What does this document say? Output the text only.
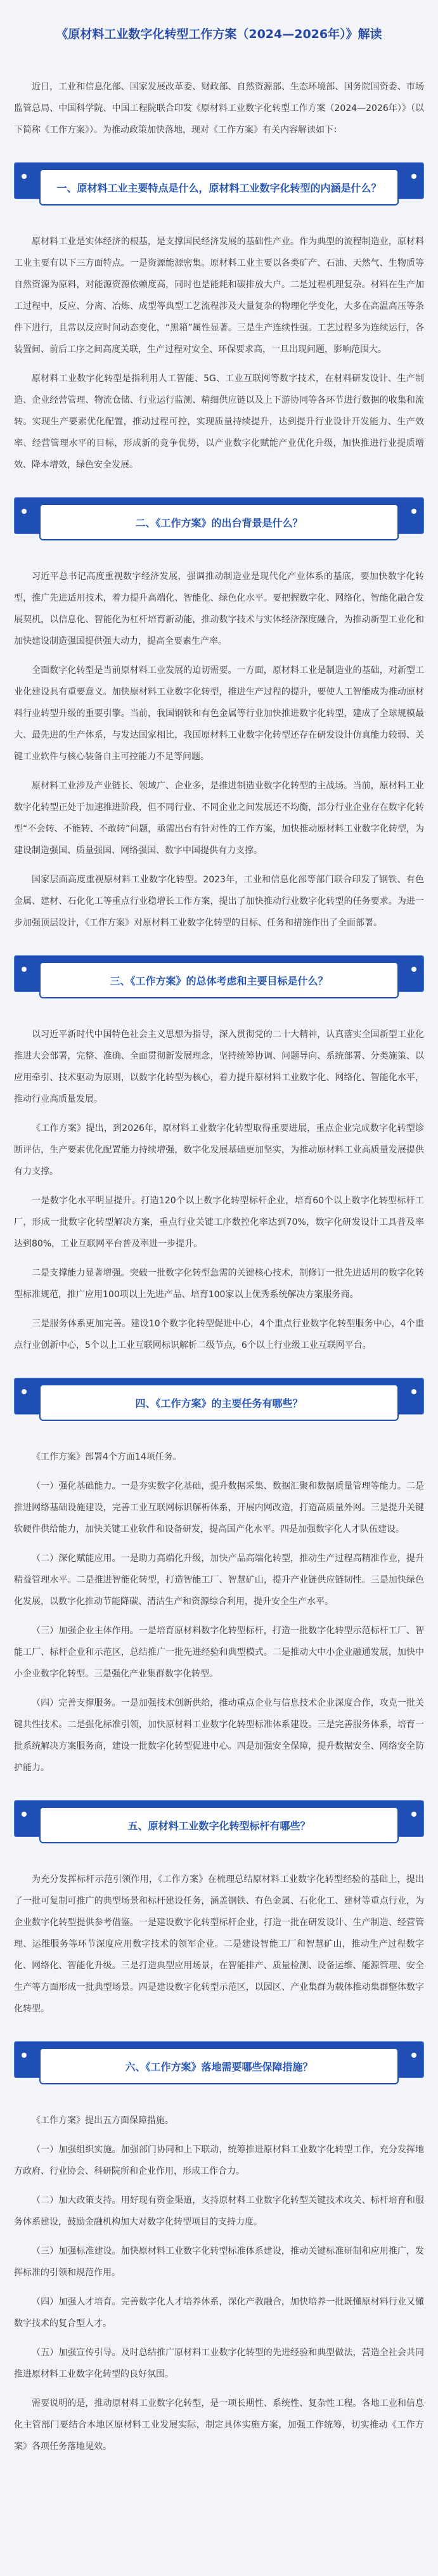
《原材料工业数字化转型工作方案（2024—2026年）》解读

近日，工业和信息化部、国家发展改革委、财政部、自然资源部、生态环境部、国务院国资委、市场监管总局、中国科学院、中国工程院联合印发《原材料工业数字化转型工作方案（2024—2026年）》（以下简称《工作方案》）。为推动政策加快落地，现对《工作方案》有关内容解读如下：

一、原材料工业主要特点是什么，原材料工业数字化转型的内涵是什么？

原材料工业是实体经济的根基，是支撑国民经济发展的基础性产业。作为典型的流程制造业，原材料工业主要有以下三方面特点。一是资源能源密集。原材料工业主要以各类矿产、石油、天然气、生物质等自然资源为原料，对能源资源依赖度高，同时也是能耗和碳排放大户。二是过程机理复杂。材料在生产加工过程中，反应、分离、冶炼、成型等典型工艺流程涉及大量复杂的物理化学变化，大多在高温高压等条件下进行，且常以反应时间动态变化，“黑箱”属性显著。三是生产连续性强。工艺过程多为连续运行，各装置间、前后工序之间高度关联，生产过程对安全、环保要求高，一旦出现问题，影响范围大。

原材料工业数字化转型是指利用人工智能、5G、工业互联网等数字技术，在材料研发设计、生产制造、企业经营管理、物流仓储、行业运行监测、精细供应链以及上下游协同等各环节进行数据的收集和流转。实现生产要素优化配置，推动过程可控，实现质量持续提升，达到提升行业设计开发能力、生产效率、经营管理水平的目标，形成新的竞争优势，以产业数字化赋能产业优化升级，加快推进行业提质增效、降本增效，绿色安全发展。

二、《工作方案》的出台背景是什么？

习近平总书记高度重视数字经济发展，强调推动制造业是现代化产业体系的基底，要加快数字化转型，推广先进适用技术，着力提升高端化、智能化、绿色化水平。要把握数字化、网络化、智能化融合发展契机，以信息化、智能化为杠杆培育新动能，推动数字技术与实体经济深度融合，为推动新型工业化和加快建设制造强国提供强大动力，提高全要素生产率。

全面数字化转型是当前原材料工业发展的迫切需要。一方面，原材料工业是制造业的基础，对新型工业化建设具有重要意义。加快原材料工业数字化转型，推进生产过程的提升，要使人工智能成为推动原材料行业转型升级的重要引擎。当前，我国钢铁和有色金属等行业加快推进数字化转型，建成了全球规模最大、最先进的生产体系，与发达国家相比，我国原材料工业数字化转型还存在研发设计仿真能力较弱、关键工业软件与核心装备自主可控能力不足等问题。

原材料工业涉及产业链长、领域广、企业多，是推进制造业数字化转型的主战场。当前，原材料工业数字化转型正处于加速推进阶段，但不同行业、不同企业之间发展还不均衡，部分行业企业存在数字化转型“不会转、不能转、不敢转”问题，亟需出台有针对性的工作方案，加快推动原材料工业数字化转型，为建设制造强国、质量强国、网络强国、数字中国提供有力支撑。

国家层面高度重视原材料工业数字化转型。2023年，工业和信息化部等部门联合印发了钢铁、有色金属、建材、石化化工等重点行业稳增长工作方案，提出了加快推动行业数字化转型的任务要求。为进一步加强顶层设计，《工作方案》对原材料工业数字化转型的目标、任务和措施作出了全面部署。

三、《工作方案》的总体考虑和主要目标是什么？

以习近平新时代中国特色社会主义思想为指导，深入贯彻党的二十大精神，认真落实全国新型工业化推进大会部署，完整、准确、全面贯彻新发展理念，坚持统筹协调、问题导向、系统部署、分类施策、以应用牵引、技术驱动为原则，以数字化转型为核心，着力提升原材料工业数字化、网络化、智能化水平，推动行业高质量发展。

《工作方案》提出，到2026年，原材料工业数字化转型取得重要进展，重点企业完成数字化转型诊断评估，生产要素优化配置能力持续增强，数字化发展基础更加坚实，为推动原材料工业高质量发展提供有力支撑。

一是数字化水平明显提升。打造120个以上数字化转型标杆企业，培育60个以上数字化转型标杆工厂，形成一批数字化转型解决方案，重点行业关键工序数控化率达到70%，数字化研发设计工具普及率达到80%，工业互联网平台普及率进一步提升。

二是支撑能力显著增强。突破一批数字化转型急需的关键核心技术，制修订一批先进适用的数字化转型标准规范，推广应用100项以上先进产品、培育100家以上优秀系统解决方案服务商。

三是服务体系更加完善。建设10个数字化转型促进中心，4个重点行业数字化转型服务中心，4个重点行业创新中心，5个以上工业互联网标识解析二级节点，6个以上行业级工业互联网平台。

四、《工作方案》的主要任务有哪些？

《工作方案》部署4个方面14项任务。

（一）强化基础能力。一是夯实数字化基础，提升数据采集、数据汇聚和数据质量管理等能力。二是推进网络基础设施建设，完善工业互联网标识解析体系，开展内网改造，打造高质量外网。三是提升关键软硬件供给能力，加快关键工业软件和设备研发，提高国产化水平。四是加强数字化人才队伍建设。

（二）深化赋能应用。一是助力高端化升级，加快产品高端化转型，推动生产过程高精准作业，提升精益管理水平。二是推进智能化转型，打造智能工厂、智慧矿山，提升产业链供应链韧性。三是加快绿色化发展，以数字化推动节能降碳、清洁生产和资源综合利用，提升安全生产水平。

（三）加强企业主体作用。一是培育原材料数字化转型标杆，打造一批数字化转型示范标杆工厂、智能工厂、标杆企业和示范区，总结推广一批先进经验和典型模式。二是推动大中小企业融通发展，加快中小企业数字化转型。三是强化产业集群数字化转型。

（四）完善支撑服务。一是加强技术创新供给，推动重点企业与信息技术企业深度合作，攻克一批关键共性技术。二是强化标准引领，加快原材料工业数字化转型标准体系建设。三是完善服务体系，培育一批系统解决方案服务商，建设一批数字化转型促进中心。四是加强安全保障，提升数据安全、网络安全防护能力。

五、原材料工业数字化转型标杆有哪些？

为充分发挥标杆示范引领作用，《工作方案》在梳理总结原材料工业数字化转型经验的基础上，提出了一批可复制可推广的典型场景和标杆建设任务，涵盖钢铁、有色金属、石化化工、建材等重点行业，为企业数字化转型提供参考借鉴。一是建设数字化转型标杆企业，打造一批在研发设计、生产制造、经营管理、运维服务等环节深度应用数字技术的领军企业。二是建设智能工厂和智慧矿山，推动生产过程数字化、网络化、智能化升级。三是打造典型应用场景，在智能排产、质量检测、设备运维、能源管理、安全生产等方面形成一批典型场景。四是建设数字化转型示范区，以园区、产业集群为载体推动集群整体数字化转型。

六、《工作方案》落地需要哪些保障措施？

《工作方案》提出五方面保障措施。

（一）加强组织实施。加强部门协同和上下联动，统筹推进原材料工业数字化转型工作，充分发挥地方政府、行业协会、科研院所和企业作用，形成工作合力。

（二）加大政策支持。用好现有资金渠道，支持原材料工业数字化转型关键技术攻关、标杆培育和服务体系建设，鼓励金融机构加大对数字化转型项目的支持力度。

（三）加强标准建设。加快原材料工业数字化转型标准体系建设，推动关键标准研制和应用推广，发挥标准的引领和规范作用。

（四）加强人才培育。完善数字化人才培养体系，深化产教融合，加快培养一批既懂原材料行业又懂数字技术的复合型人才。

（五）加强宣传引导。及时总结推广原材料工业数字化转型的先进经验和典型做法，营造全社会共同推进原材料工业数字化转型的良好氛围。

需要说明的是，推动原材料工业数字化转型，是一项长期性、系统性、复杂性工程。各地工业和信息化主管部门要结合本地区原材料工业发展实际，制定具体实施方案，加强工作统筹，切实推动《工作方案》各项任务落地见效。
